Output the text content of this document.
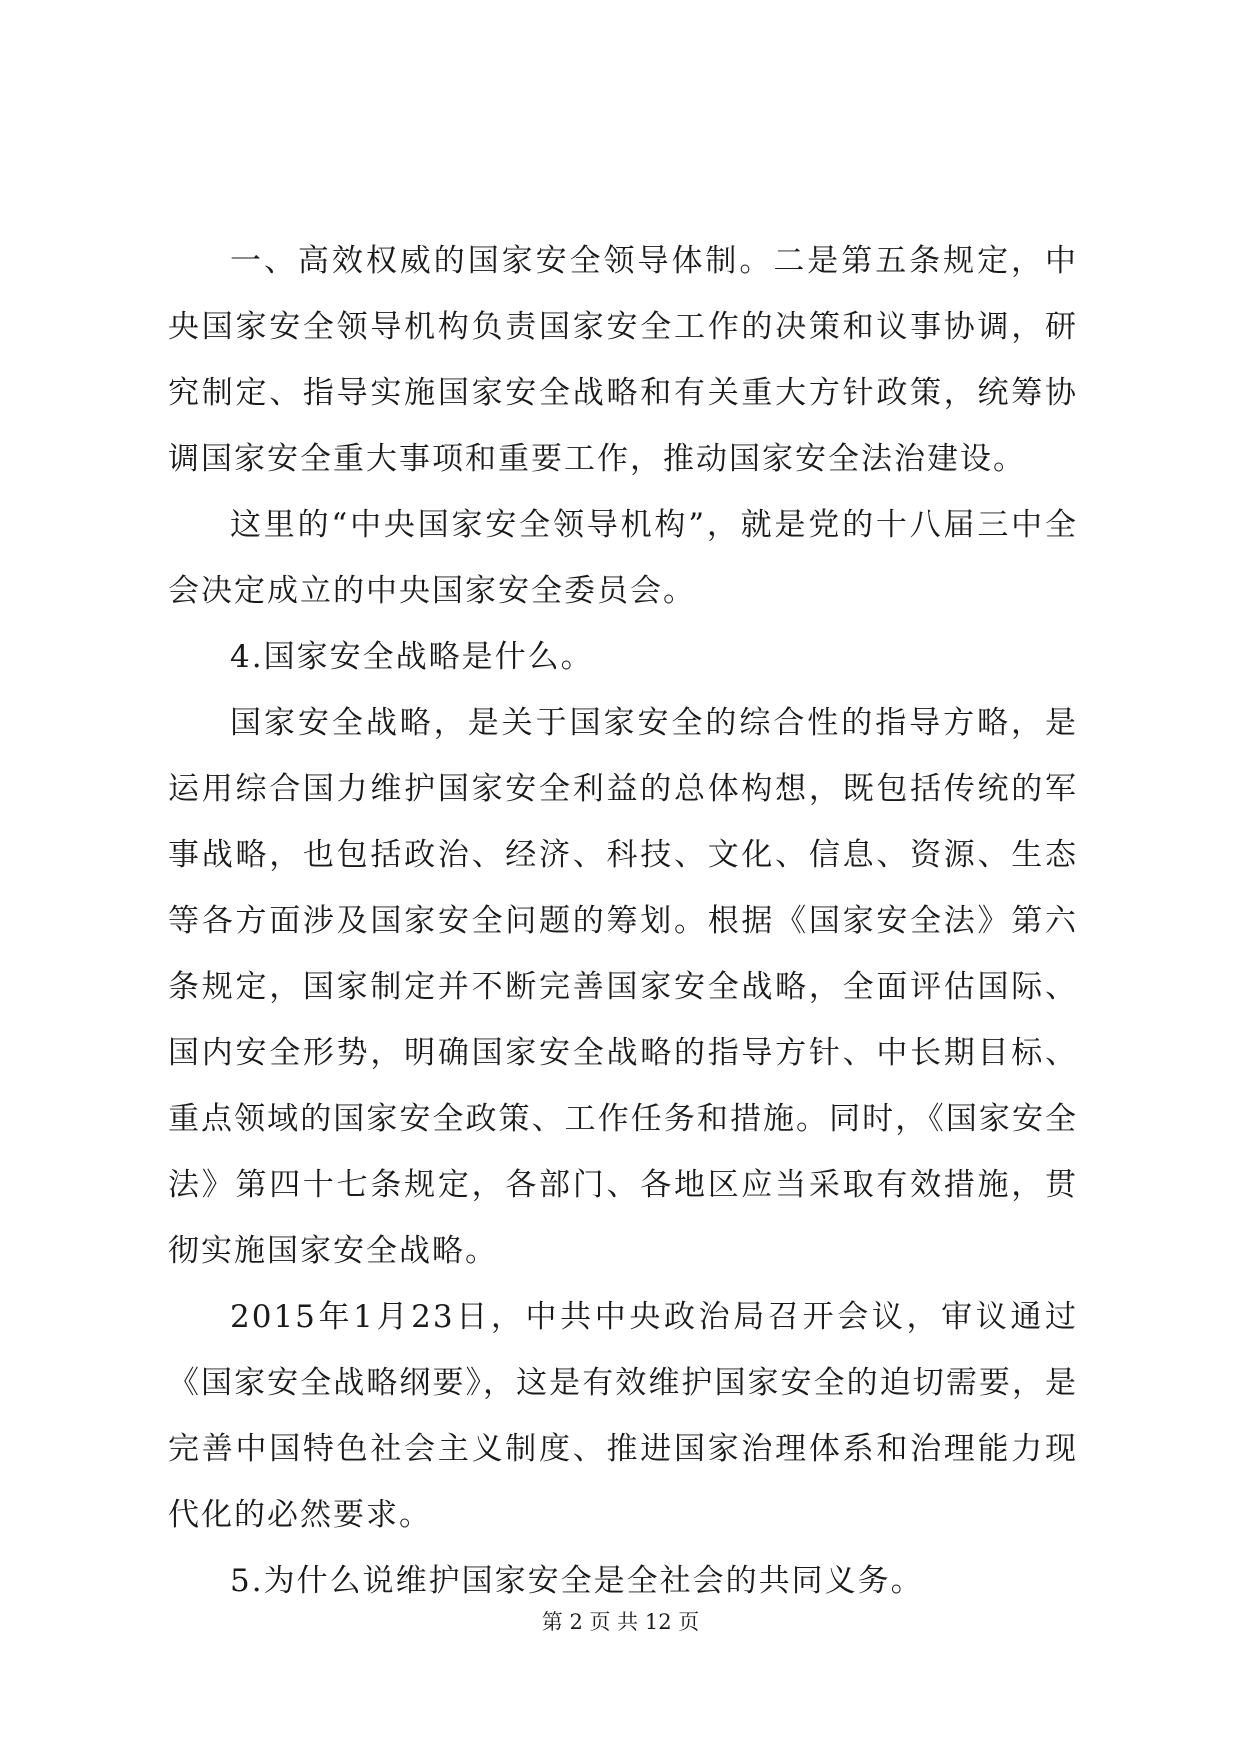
一、高效权威的国家安全领导体制。二是第五条规定，中央国家安全领导机构负责国家安全工作的决策和议事协调，研究制定、指导实施国家安全战略和有关重大方针政策，统筹协调国家安全重大事项和重要工作，推动国家安全法治建设。

这里的“中央国家安全领导机构”，就是党的十八届三中全会决定成立的中央国家安全委员会。

4.国家安全战略是什么。

国家安全战略，是关于国家安全的综合性的指导方略，是运用综合国力维护国家安全利益的总体构想，既包括传统的军事战略，也包括政治、经济、科技、文化、信息、资源、生态等各方面涉及国家安全问题的筹划。根据《国家安全法》第六条规定，国家制定并不断完善国家安全战略，全面评估国际、国内安全形势，明确国家安全战略的指导方针、中长期目标、重点领域的国家安全政策、工作任务和措施。同时，《国家安全法》第四十七条规定，各部门、各地区应当采取有效措施，贯彻实施国家安全战略。

2015年1月23日，中共中央政治局召开会议，审议通过《国家安全战略纲要》，这是有效维护国家安全的迫切需要，是完善中国特色社会主义制度、推进国家治理体系和治理能力现代化的必然要求。

5.为什么说维护国家安全是全社会的共同义务。

第 2 页 共 12 页
